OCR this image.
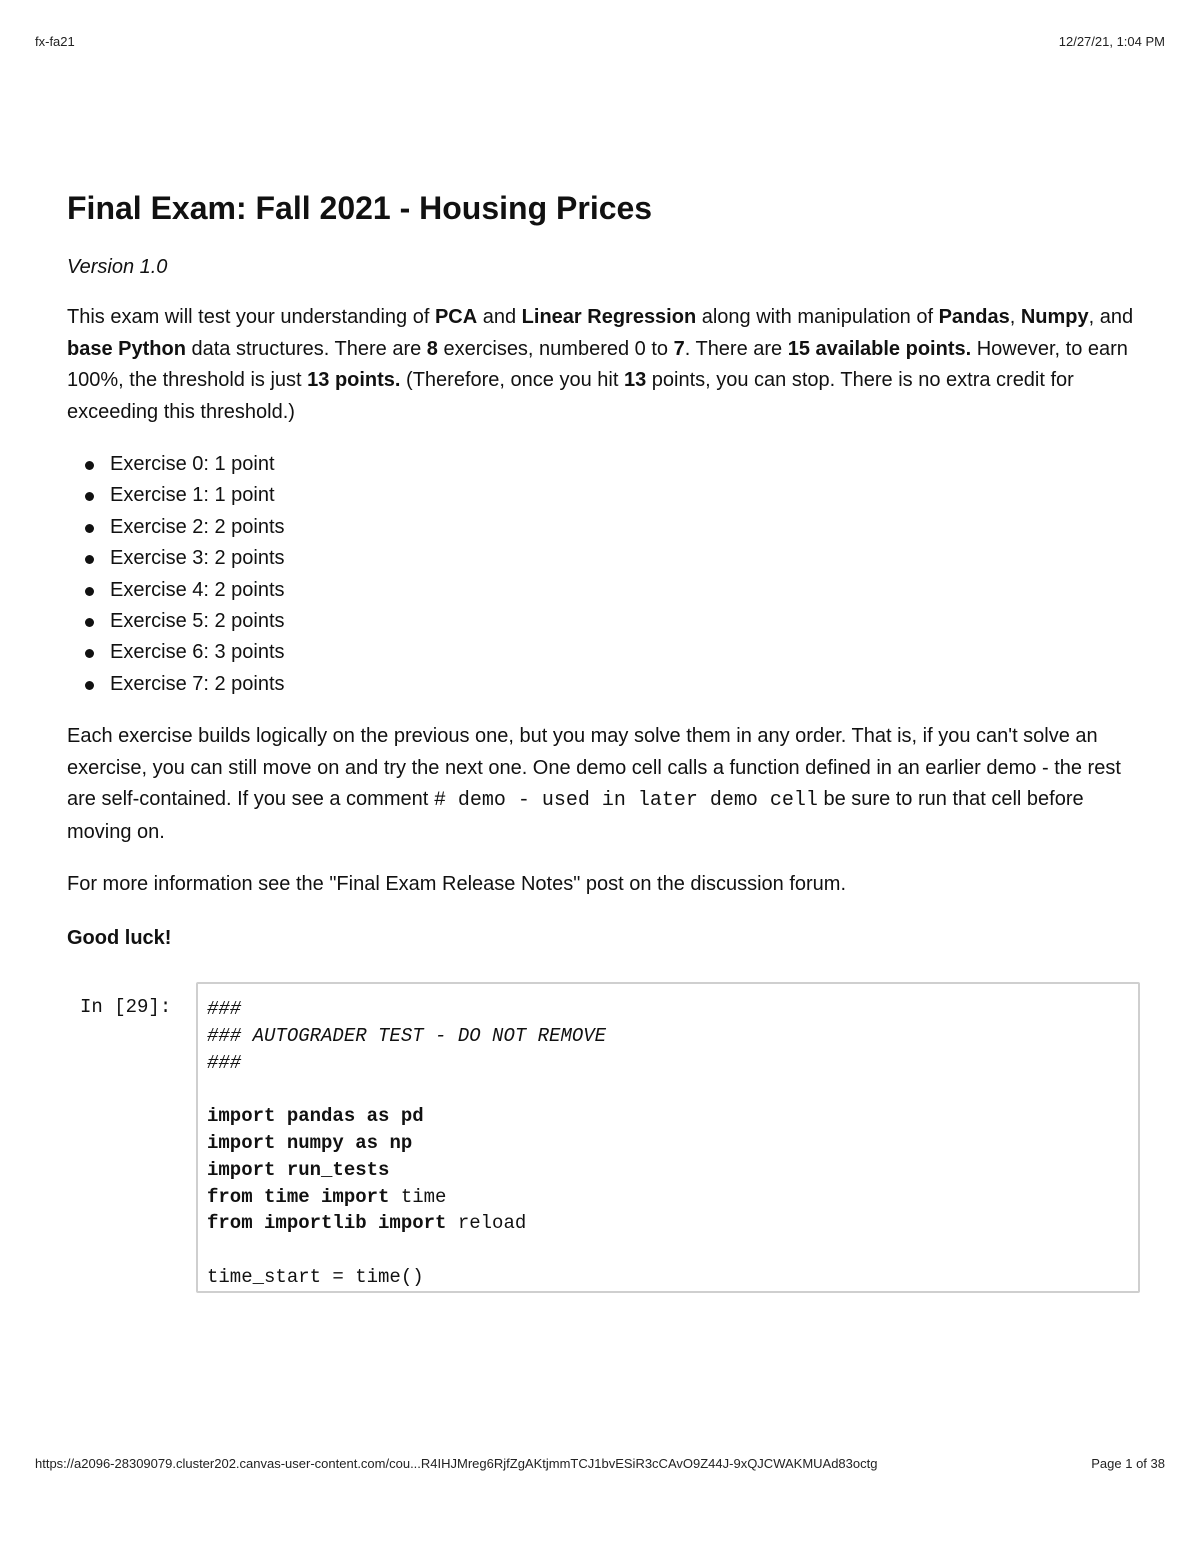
fx-fa21	12/27/21, 1:04 PM
Final Exam: Fall 2021 - Housing Prices
Version 1.0

This exam will test your understanding of PCA and Linear Regression along with manipulation of Pandas, Numpy, and base Python data structures. There are 8 exercises, numbered 0 to 7. There are 15 available points. However, to earn 100%, the threshold is just 13 points. (Therefore, once you hit 13 points, you can stop. There is no extra credit for exceeding this threshold.)

Exercise 0: 1 point
Exercise 1: 1 point
Exercise 2: 2 points
Exercise 3: 2 points
Exercise 4: 2 points
Exercise 5: 2 points
Exercise 6: 3 points
Exercise 7: 2 points

Each exercise builds logically on the previous one, but you may solve them in any order. That is, if you can't solve an exercise, you can still move on and try the next one. One demo cell calls a function defined in an earlier demo - the rest are self-contained. If you see a comment # demo - used in later demo cell be sure to run that cell before moving on.

For more information see the "Final Exam Release Notes" post on the discussion forum.

Good luck!

In [29]: ###
### AUTOGRADER TEST - DO NOT REMOVE
###
import pandas as pd
import numpy as np
import run_tests
from time import time
from importlib import reload
time_start = time()
https://a2096-28309079.cluster202.canvas-user-content.com/cou...R4IHJMreg6RjfZgAKtjmmTCJ1bvESiR3cCAvO9Z44J-9xQJCWAKMUAd83octg	Page 1 of 38
